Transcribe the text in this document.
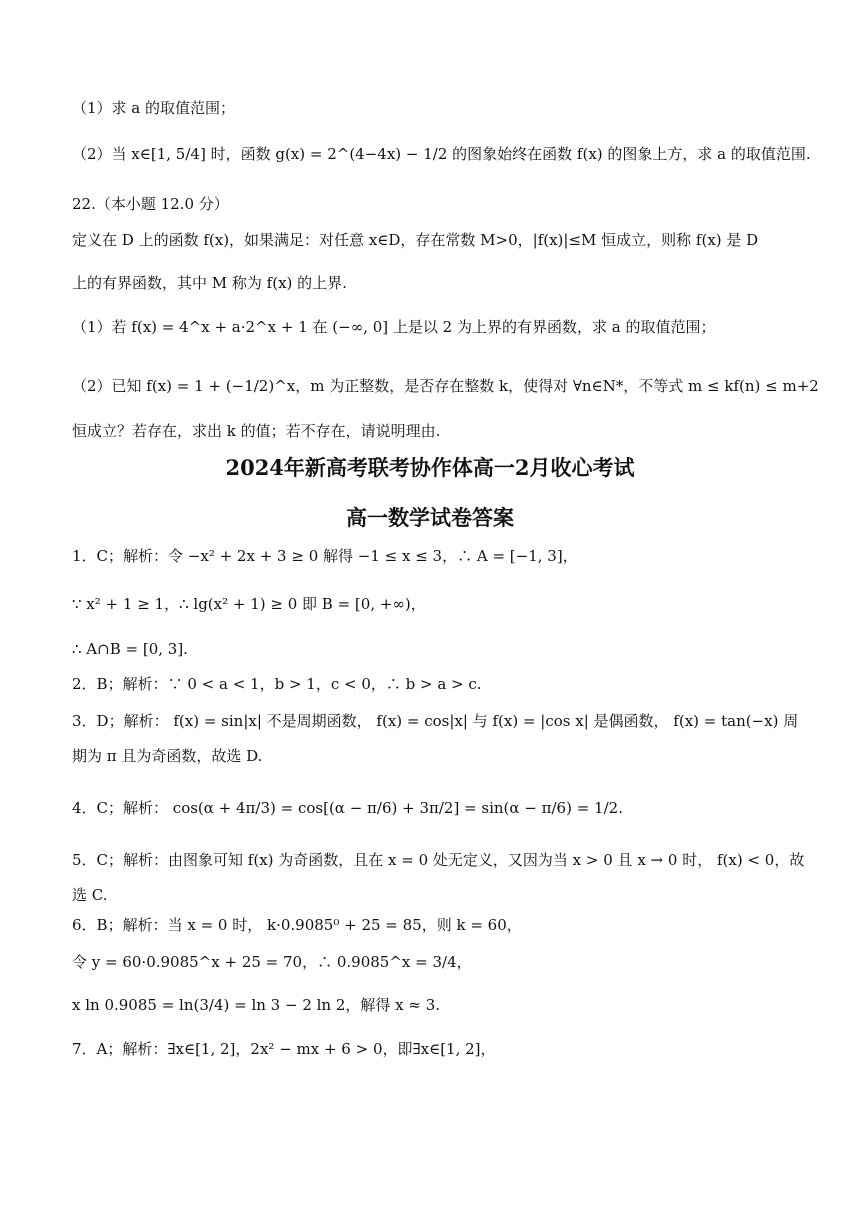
（1）求 a 的取值范围；
（2）当 x∈[1, 5/4] 时，函数 g(x) = 2^(4−4x) − 1/2 的图象始终在函数 f(x) 的图象上方，求 a 的取值范围.
22.（本小题 12.0 分）
定义在 D 上的函数 f(x)，如果满足：对任意 x∈D，存在常数 M>0，|f(x)|≤M 恒成立，则称 f(x) 是 D
上的有界函数，其中 M 称为 f(x) 的上界.
（1）若 f(x) = 4^x + a·2^x + 1 在 (−∞, 0] 上是以 2 为上界的有界函数，求 a 的取值范围；
（2）已知 f(x) = 1 + (−1/2)^x，m 为正整数，是否存在整数 k，使得对 ∀n∈N*，不等式 m ≤ kf(n) ≤ m+2
恒成立？若存在，求出 k 的值；若不存在，请说明理由.
2024年新高考联考协作体高一2月收心考试
高一数学试卷答案
1．C；解析：令 −x² + 2x + 3 ≥ 0 解得 −1 ≤ x ≤ 3，∴ A = [−1, 3]，
∵ x² + 1 ≥ 1，∴ lg(x² + 1) ≥ 0 即 B = [0, +∞)，
∴ A∩B = [0, 3].
2．B；解析：∵ 0 < a < 1，b > 1，c < 0，∴ b > a > c.
3．D；解析： f(x) = sin|x| 不是周期函数， f(x) = cos|x| 与 f(x) = |cos x| 是偶函数， f(x) = tan(−x) 周
期为 π 且为奇函数，故选 D.
4．C；解析： cos(α + 4π/3) = cos[(α − π/6) + 3π/2] = sin(α − π/6) = 1/2.
5．C；解析：由图象可知 f(x) 为奇函数，且在 x = 0 处无定义，又因为当 x > 0 且 x → 0 时， f(x) < 0，故
选 C.
6．B；解析：当 x = 0 时， k·0.9085⁰ + 25 = 85，则 k = 60，
令 y = 60·0.9085^x + 25 = 70，∴ 0.9085^x = 3/4，
x ln 0.9085 = ln(3/4) = ln 3 − 2 ln 2，解得 x ≈ 3.
7．A；解析：∃x∈[1, 2]，2x² − mx + 6 > 0，即∃x∈[1, 2]，
